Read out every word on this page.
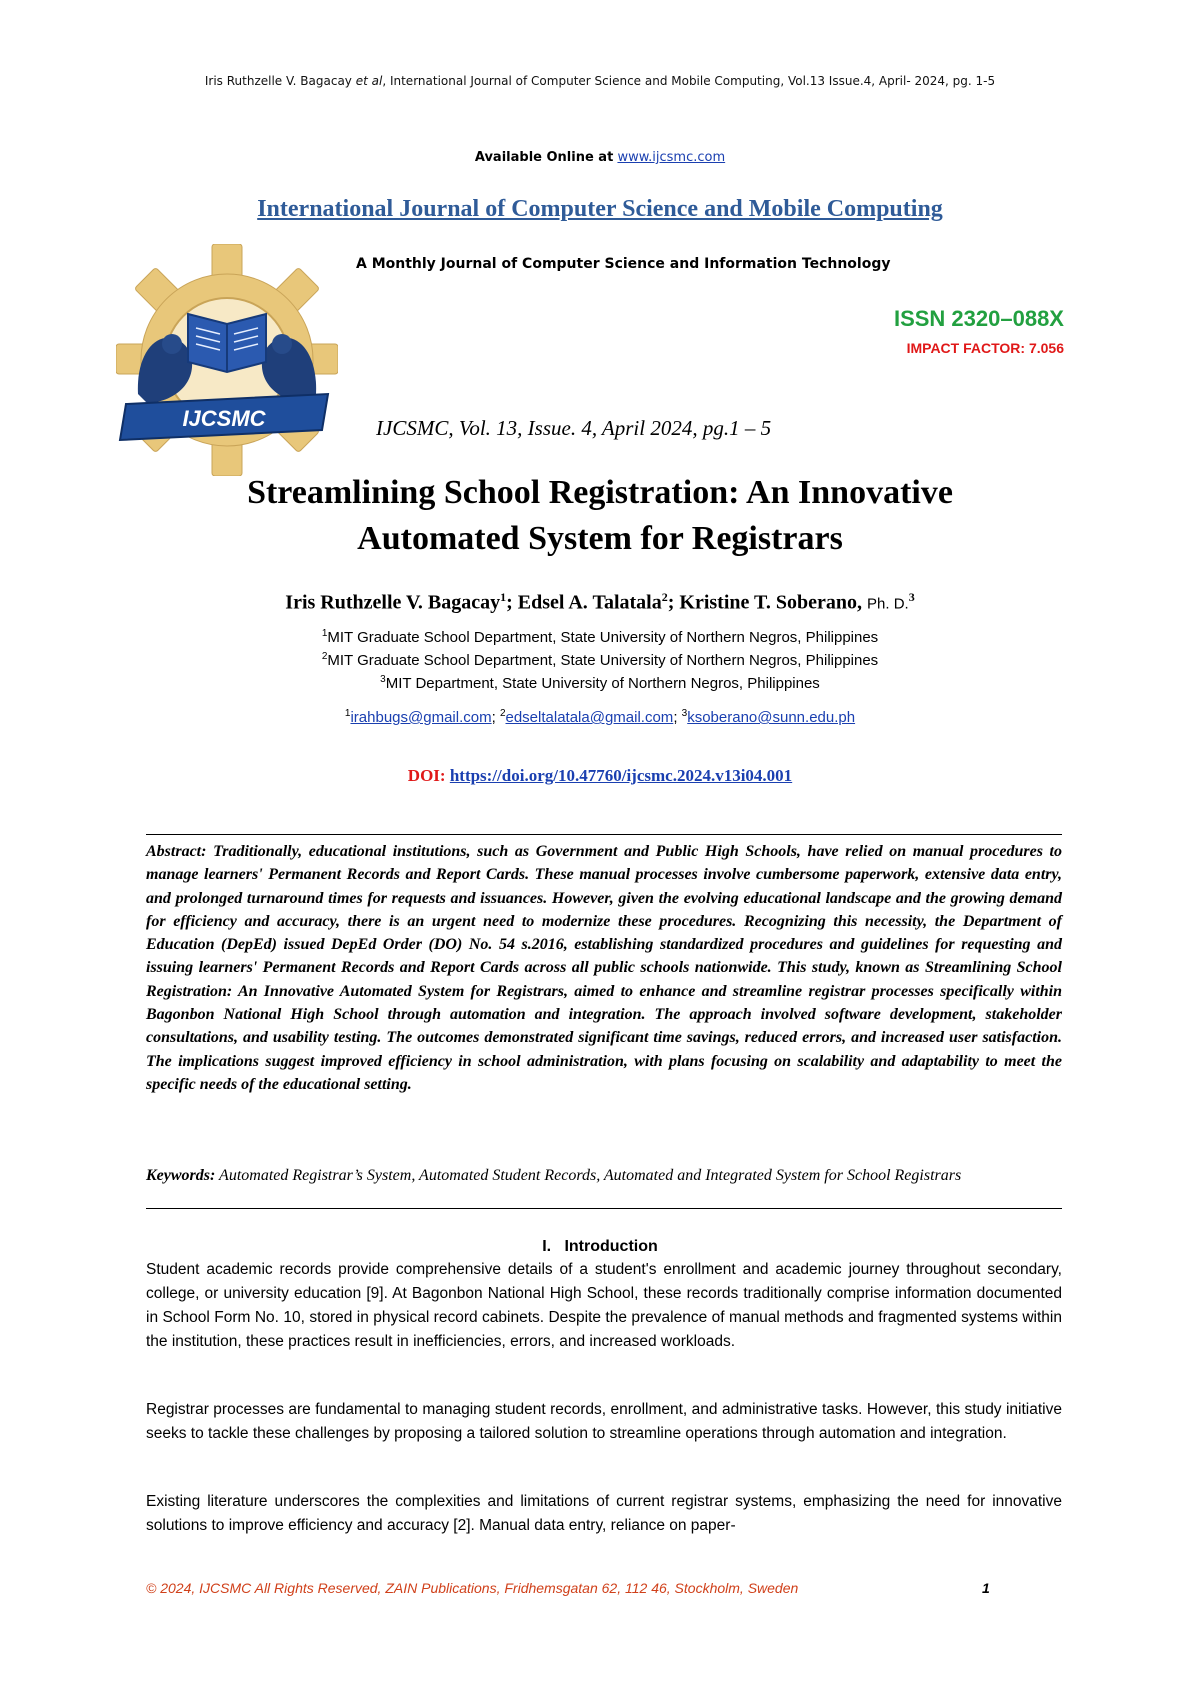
Iris Ruthzelle V. Bagacay et al, International Journal of Computer Science and Mobile Computing, Vol.13 Issue.4, April- 2024, pg. 1-5
Available Online at www.ijcsmc.com
International Journal of Computer Science and Mobile Computing
IJCSMC
A Monthly Journal of Computer Science and Information Technology
ISSN 2320–088X
IMPACT FACTOR: 7.056
IJCSMC, Vol. 13, Issue. 4, April 2024, pg.1 – 5
Streamlining School Registration: An Innovative
Automated System for Registrars
Iris Ruthzelle V. Bagacay$^1$; Edsel A. Talatala$^2$; Kristine T. Soberano, Ph. D.$^3$
$^1$MIT Graduate School Department, State University of Northern Negros, Philippines
$^2$MIT Graduate School Department, State University of Northern Negros, Philippines
$^3$MIT Department, State University of Northern Negros, Philippines
$^1$irahbugs@gmail.com; $^2$edseltalatala@gmail.com; $^3$ksoberano@sunn.edu.ph
DOI: https://doi.org/10.47760/ijcsmc.2024.v13i04.001
Abstract: Traditionally, educational institutions, such as Government and Public High Schools, have relied on manual procedures to manage learners' Permanent Records and Report Cards. These manual processes involve cumbersome paperwork, extensive data entry, and prolonged turnaround times for requests and issuances. However, given the evolving educational landscape and the growing demand for efficiency and accuracy, there is an urgent need to modernize these procedures. Recognizing this necessity, the Department of Education (DepEd) issued DepEd Order (DO) No. 54 s.2016, establishing standardized procedures and guidelines for requesting and issuing learners' Permanent Records and Report Cards across all public schools nationwide. This study, known as Streamlining School Registration: An Innovative Automated System for Registrars, aimed to enhance and streamline registrar processes specifically within Bagonbon National High School through automation and integration. The approach involved software development, stakeholder consultations, and usability testing. The outcomes demonstrated significant time savings, reduced errors, and increased user satisfaction. The implications suggest improved efficiency in school administration, with plans focusing on scalability and adaptability to meet the specific needs of the educational setting.
Keywords: Automated Registrar’s System, Automated Student Records, Automated and Integrated System for School Registrars
I.   Introduction
Student academic records provide comprehensive details of a student's enrollment and academic journey throughout secondary, college, or university education [9]. At Bagonbon National High School, these records traditionally comprise information documented in School Form No. 10, stored in physical record cabinets. Despite the prevalence of manual methods and fragmented systems within the institution, these practices result in inefficiencies, errors, and increased workloads.
Registrar processes are fundamental to managing student records, enrollment, and administrative tasks. However, this study initiative seeks to tackle these challenges by proposing a tailored solution to streamline operations through automation and integration.
Existing literature underscores the complexities and limitations of current registrar systems, emphasizing the need for innovative solutions to improve efficiency and accuracy [2]. Manual data entry, reliance on paper-
© 2024, IJCSMC All Rights Reserved, ZAIN Publications, Fridhemsgatan 62, 112 46, Stockholm, Sweden	1
